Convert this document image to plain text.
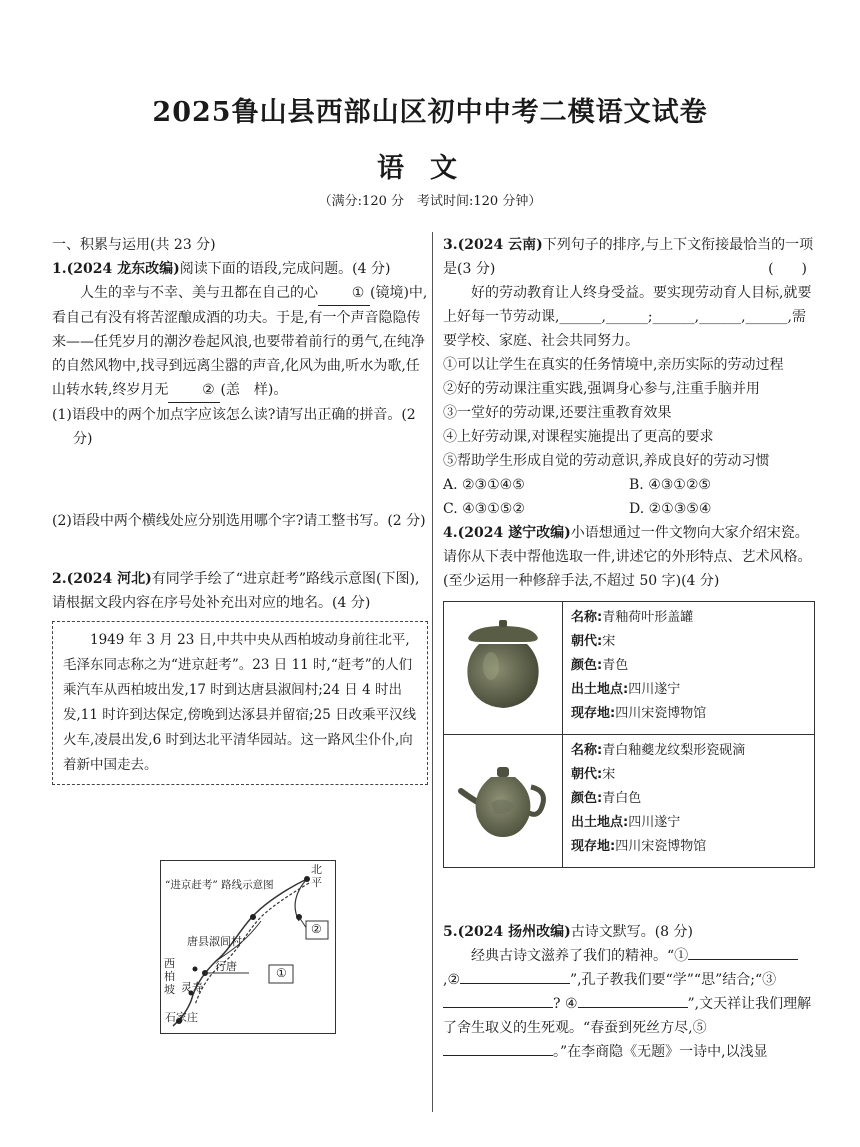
2025鲁山县西部山区初中中考二模语文试卷
语文
（满分:120 分　考试时间:120 分钟）

一、积累与运用(共 23 分)

1.(2024 龙东改编)阅读下面的语段,完成问题。(4 分)

人生的幸与不幸、美与丑都在自己的心 ① (镜境)中,看自己有没有将苦涩酿成酒的功夫。于是,有一个声音隐隐传来——任凭岁月的潮汐卷起风浪,也要带着前行的勇气,在纯净的自然风物中,找寻到远离尘嚣的声音,化风为曲,听水为歌,任山转水转,终岁月无 ② (恙　样)。

(1)语段中的两个加点字应该怎么读?请写出正确的拼音。(2 分)

(2)语段中两个横线处应分别选用哪个字?请工整书写。(2 分)

2.(2024 河北)有同学手绘了“进京赶考”路线示意图(下图),请根据文段内容在序号处补充出对应的地名。(4 分)

1949 年 3 月 23 日,中共中央从西柏坡动身前往北平,毛泽东同志称之为“进京赶考”。23 日 11 时,“赶考”的人们乘汽车从西柏坡出发,17 时到达唐县淑闾村;24 日 4 时出发,11 时许到达保定,傍晚到达涿县并留宿;25 日改乘平汉线火车,凌晨出发,6 时到达北平清华园站。这一路风尘仆仆,向着新中国走去。
“进京赶考” 路线示意图
北平
唐县淑闾村
行唐
西柏坡 灵寿
石家庄
①
②

3.(2024 云南)下列句子的排序,与上下文衔接最恰当的一项是(3 分)	(　　)

好的劳动教育让人终身受益。要实现劳动育人目标,就要上好每一节劳动课,______,______;______,______,______,需要学校、家庭、社会共同努力。

①可以让学生在真实的任务情境中,亲历实际的劳动过程

②好的劳动课注重实践,强调身心参与,注重手脑并用

③一堂好的劳动课,还要注重教育效果

④上好劳动课,对课程实施提出了更高的要求

⑤帮助学生形成自觉的劳动意识,养成良好的劳动习惯

A. ②③①④⑤	B. ④③①②⑤
C. ④③①⑤②	D. ②①③⑤④

4.(2024 遂宁改编)小语想通过一件文物向大家介绍宋瓷。请你从下表中帮他选取一件,讲述它的外形特点、艺术风格。(至少运用一种修辞手法,不超过 50 字)(4 分)

名称:青釉荷叶形盖罐
朝代:宋
颜色:青色
出土地点:四川遂宁
现存地:四川宋瓷博物馆

名称:青白釉夔龙纹梨形瓷砚滴
朝代:宋
颜色:青白色
出土地点:四川遂宁
现存地:四川宋瓷博物馆

5.(2024 扬州改编)古诗文默写。(8 分)

经典古诗文滋养了我们的精神。“①,②	”,孔子教我们要“学”“思”结合;“③? ④	”,文天祥让我们理解了舍生取义的生死观。“春蚕到死丝方尽,⑤。”在李商隐《无题》一诗中,以浅显
